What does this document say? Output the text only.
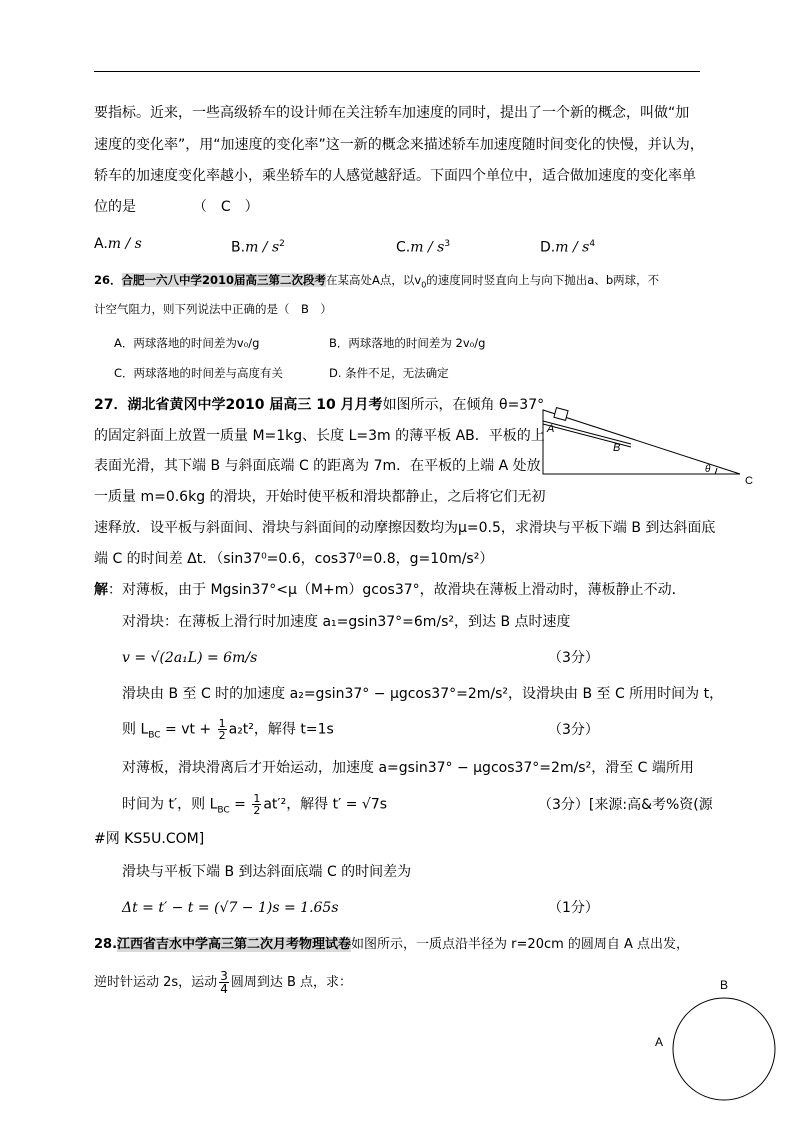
要指标。近来，一些高级轿车的设计师在关注轿车加速度的同时，提出了一个新的概念，叫做“加
速度的变化率”，用“加速度的变化率”这一新的概念来描述轿车加速度随时间变化的快慢，并认为，
轿车的加速度变化率越小，乘坐轿车的人感觉越舒适。下面四个单位中，适合做加速度的变化率单
位的是	（　C　）
A.m / s	$B.m / s^2$	$C.m / s^3$	$D.m / s^4$
26．合肥一六八中学2010届高三第二次段考在某高处A点，以$v_0$的速度同时竖直向上与向下抛出a、b两球，不
计空气阻力，则下列说法中正确的是（　B　）
A．两球落地的时间差为v₀/g	B．两球落地的时间差为 2v₀/g
C．两球落地的时间差与高度有关	D. 条件不足，无法确定
27．湖北省黄冈中学2010 届高三 10 月月考如图所示，在倾角 θ=37°
的固定斜面上放置一质量 M=1kg、长度 L=3m 的薄平板 AB．平板的上
表面光滑，其下端 B 与斜面底端 C 的距离为 7m．在平板的上端 A 处放
一质量 m=0.6kg 的滑块，开始时使平板和滑块都静止，之后将它们无初
速释放．设平板与斜面间、滑块与斜面间的动摩擦因数均为μ=0.5，求滑块与平板下端 B 到达斜面底
端 C 的时间差 Δt．（sin37⁰=0.6，cos37⁰=0.8，g=10m/s²）
A
B
θ
C
解：对薄板，由于 Mgsin37°<μ（M+m）gcos37°，故滑块在薄板上滑动时，薄板静止不动．
对滑块：在薄板上滑行时加速度 a₁=gsin37°=6m/s²，到达 B 点时速度
v = √(2a₁L) = 6m/s	（3分）
滑块由 B 至 C 时的加速度 a₂=gsin37° − μgcos37°=2m/s²，设滑块由 B 至 C 所用时间为 t，
则 $L_{BC}$ = vt + $\frac{1}{2} a_2t^2$，解得 t=1s	（3分）
对薄板，滑块滑离后才开始运动，加速度 a=gsin37° − μgcos37°=2m/s²，滑至 C 端所用
时间为 t′，则 $L_{BC} = \frac{1}{2} at'^2$，解得 t′ = √7s	（3分）[来源:高&考%资(源
#网 KS5U.COM]
滑块与平板下端 B 到达斜面底端 C 的时间差为
Δt = t′ − t = (√7 − 1)s = 1.65s	（1分）
28.江西省吉水中学高三第二次月考物理试卷如图所示，一质点沿半径为 r=20cm 的圆周自 A 点出发，
逆时针运动 2s，运动 $\frac{3}{4}$ 圆周到达 B 点，求：	B
A
